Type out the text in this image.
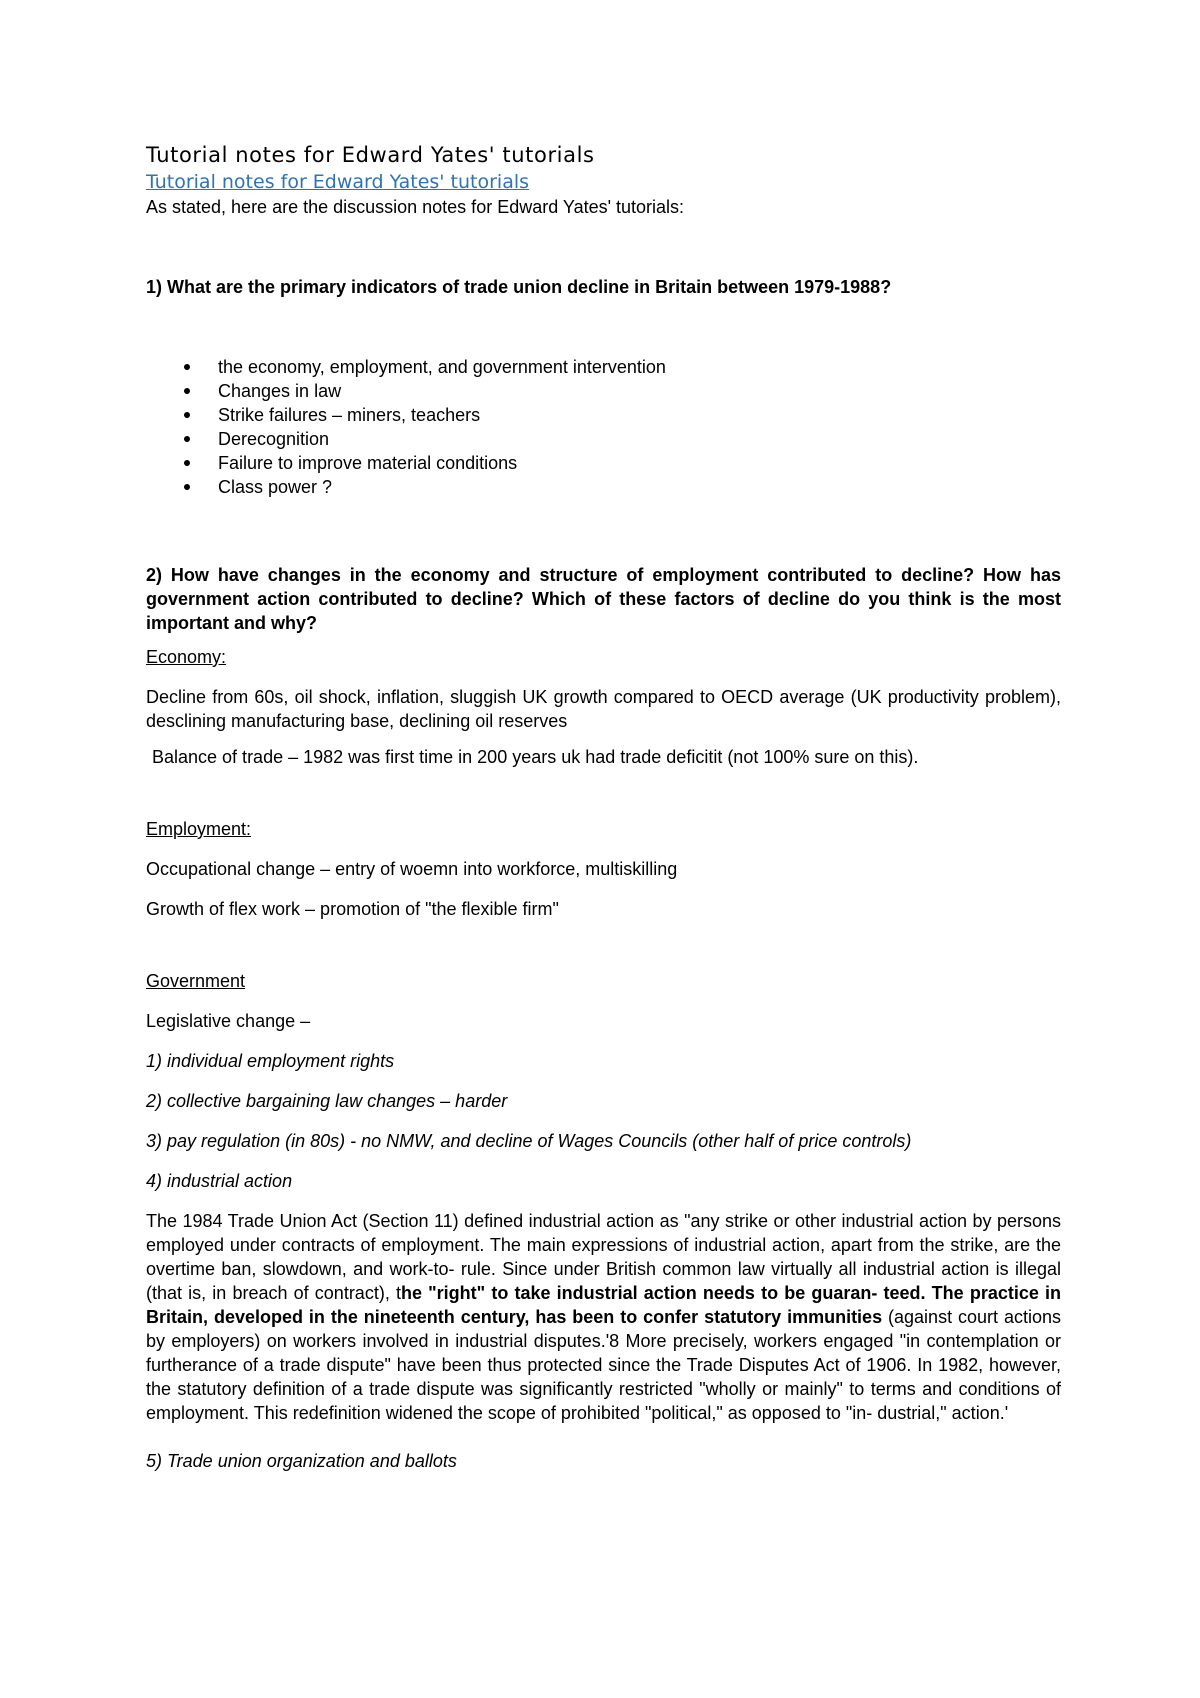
Tutorial notes for Edward Yates' tutorials
Tutorial notes for Edward Yates' tutorials

As stated, here are the discussion notes for Edward Yates' tutorials:

1) What are the primary indicators of trade union decline in Britain between 1979-1988?

the economy, employment, and government intervention
Changes in law
Strike failures – miners, teachers
Derecognition
Failure to improve material conditions
Class power ?

2) How have changes in the economy and structure of employment contributed to decline? How has government action contributed to decline? Which of these factors of decline do you think is the most important and why?

Economy:

Decline from 60s, oil shock, inflation, sluggish UK growth compared to OECD average (UK productivity problem), desclining manufacturing base, declining oil reserves

Balance of trade – 1982 was first time in 200 years uk had trade deficitit (not 100% sure on this).

Employment:

Occupational change – entry of woemn into workforce, multiskilling

Growth of flex work – promotion of "the flexible firm"

Government

Legislative change –

1) individual employment rights

2) collective bargaining law changes – harder

3) pay regulation (in 80s) - no NMW, and decline of Wages Councils (other half of price controls)

4) industrial action

The 1984 Trade Union Act (Section 11) defined industrial action as "any strike or other industrial action by persons employed under contracts of employment. The main expressions of industrial action, apart from the strike, are the overtime ban, slowdown, and work-to- rule. Since under British common law virtually all industrial action is illegal (that is, in breach of contract), the "right" to take industrial action needs to be guaran- teed. The practice in Britain, developed in the nineteenth century, has been to confer statutory immunities (against court actions by employers) on workers involved in industrial disputes.'8 More precisely, workers engaged "in contemplation or furtherance of a trade dispute" have been thus protected since the Trade Disputes Act of 1906. In 1982, however, the statutory definition of a trade dispute was significantly restricted "wholly or mainly" to terms and conditions of employment. This redefinition widened the scope of prohibited "political," as opposed to "in- dustrial," action.'

5) Trade union organization and ballots
